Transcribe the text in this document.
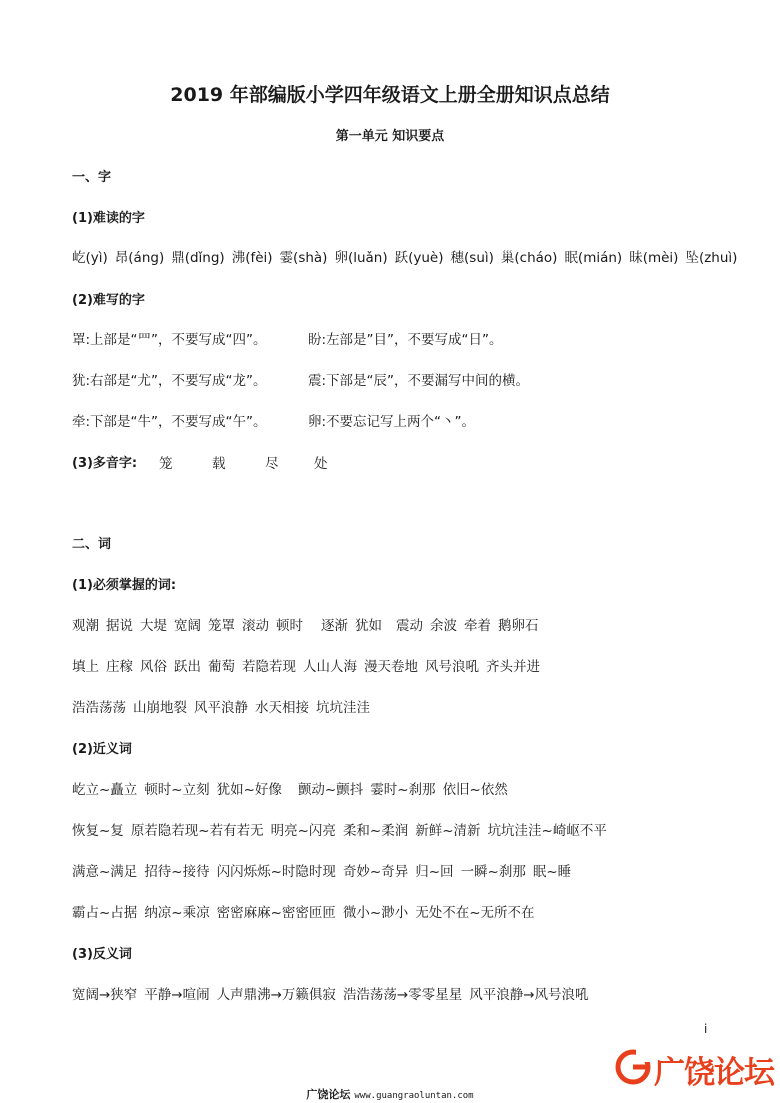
2019 年部编版小学四年级语文上册全册知识点总结
第一单元 知识要点
一、字
(1)难读的字
屹(yì) 昂(áng) 鼎(dǐng) 沸(fèi) 霎(shà) 卵(luǎn) 跃(yuè) 穗(suì) 巢(cháo) 眠(mián) 昧(mèi) 坠(zhuì)
(2)难写的字
罩:上部是“罒”，不要写成“四”。	盼:左部是”目”，不要写成“日”。
犹:右部是“尤”，不要写成“龙”。	震:下部是“辰”，不要漏写中间的横。
牵:下部是“牛”，不要写成“午”。	卵:不要忘记写上两个“丶”。
(3)多音字: 笼	载	尽	处
二、词
(1)必须掌握的词:
观潮 据说 大堤 宽阔 笼罩 滚动 顿时 逐渐 犹如 震动 余波 牵着 鹅卵石
填上 庄稼 风俗 跃出 葡萄 若隐若现 人山人海 漫天卷地 风号浪吼 齐头并进
浩浩荡荡 山崩地裂 风平浪静 水天相接 坑坑洼洼
(2)近义词
屹立~矗立 顿时~立刻 犹如~好像 颤动~颤抖 霎时~刹那 依旧~依然
恢复~复 原若隐若现~若有若无 明亮~闪亮 柔和~柔润 新鲜~清新 坑坑洼洼~崎岖不平
满意~满足 招待~接待 闪闪烁烁~时隐时现 奇妙~奇异 归~回 一瞬~刹那 眠~睡
霸占~占据 纳凉~乘凉 密密麻麻~密密匝匝 微小~渺小 无处不在~无所不在
(3)反义词
宽阔→狭窄 平静→喧闹 人声鼎沸→万籁俱寂 浩浩荡荡→零零星星 风平浪静→风号浪吼
i
广饶论坛
广饶论坛 www.guangraoluntan.com
